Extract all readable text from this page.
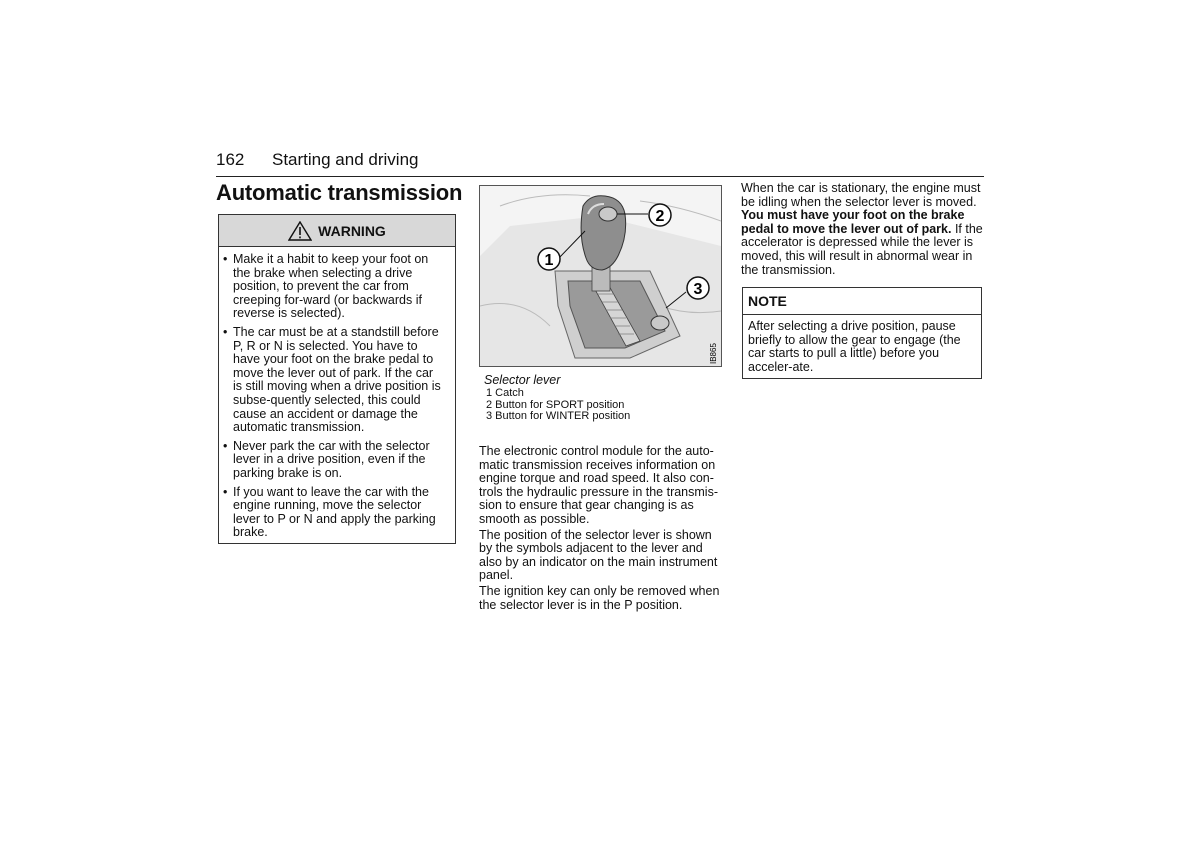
162 Starting and driving
Automatic transmission
WARNING
• Make it a habit to keep your foot on the brake when selecting a drive position, to prevent the car from creeping for-ward (or backwards if reverse is selected).
• The car must be at a standstill before P, R or N is selected. You have to have your foot on the brake pedal to move the lever out of park. If the car is still moving when a drive position is subse-quently selected, this could cause an accident or damage the automatic transmission.
• Never park the car with the selector lever in a drive position, even if the parking brake is on.
• If you want to leave the car with the engine running, move the selector lever to P or N and apply the parking brake.
1
2
3
IB865
Selector lever
1 Catch
2 Button for SPORT position
3 Button for WINTER position

The electronic control module for the auto-matic transmission receives information on engine torque and road speed. It also con-trols the hydraulic pressure in the transmis-sion to ensure that gear changing is as smooth as possible.

The position of the selector lever is shown by the symbols adjacent to the lever and also by an indicator on the main instrument panel.

The ignition key can only be removed when the selector lever is in the P position.

When the car is stationary, the engine must be idling when the selector lever is moved. You must have your foot on the brake pedal to move the lever out of park. If the accelerator is depressed while the lever is moved, this will result in abnormal wear in the transmission.

NOTE
After selecting a drive position, pause briefly to allow the gear to engage (the car starts to pull a little) before you acceler-ate.
